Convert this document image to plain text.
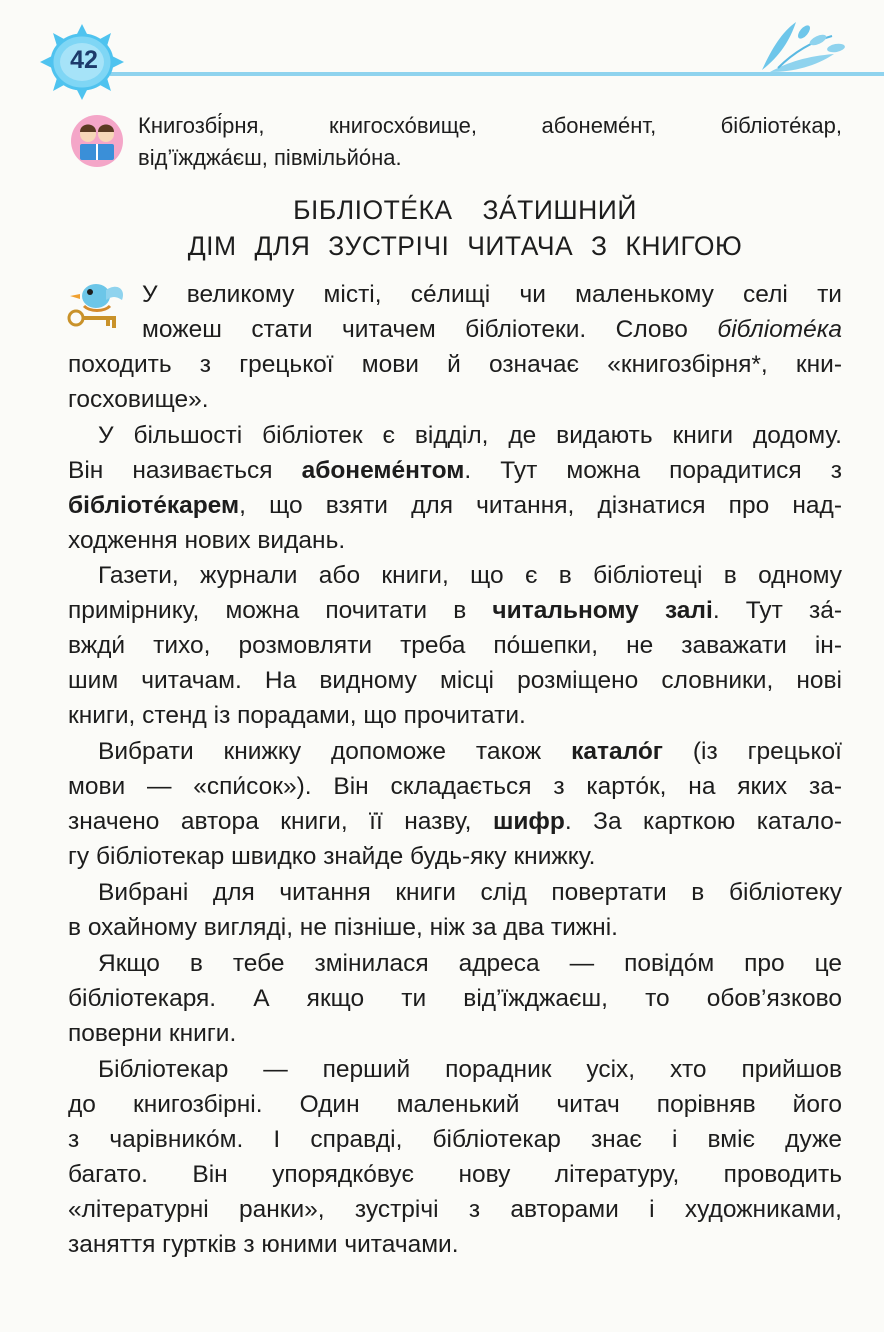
42
Книгозбі́рня, книгосхо́вище, абонеме́нт, бібліоте́кар,
від’їжджа́єш, півмільйо́на.
БІБЛІОТЕ́КА ЗА́ТИШНИЙ
ДІМ ДЛЯ ЗУСТРІЧІ ЧИТАЧА З КНИГОЮ
У великому місті, се́лищі чи маленькому селі ти
можеш стати читачем бібліотеки. Слово бібліоте́ка
походить з грецької мови й означає «книгозбірня*, кни-
госховище».
У більшості бібліотек є відділ, де видають книги додому.
Він називається абонеме́нтом. Тут можна порадитися з
бібліоте́карем, що взяти для читання, дізнатися про над-
ходження нових видань.
Газети, журнали або книги, що є в бібліотеці в одному
примірнику, можна почитати в читальному залі. Тут за́-
вжди́ тихо, розмовляти треба по́шепки, не заважати ін-
шим читачам. На видному місці розміщено словники, нові
книги, стенд із порадами, що прочитати.
Вибрати книжку допоможе також катало́г (із грецької
мови — «спи́сок»). Він складається з карто́к, на яких за-
значено автора книги, її назву, шифр. За карткою катало-
гу бібліотекар швидко знайде будь-яку книжку.
Вибрані для читання книги слід повертати в бібліотеку
в охайному вигляді, не пізніше, ніж за два тижні.
Якщо в тебе змінилася адреса — повідо́м про це
бібліотекаря. А якщо ти від’їжджаєш, то обов’язково
поверни книги.
Бібліотекар — перший порадник усіх, хто прийшов
до книгозбірні. Один маленький читач порівняв його
з чарівнико́м. І справді, бібліотекар знає і вміє дуже
багато. Він упорядко́вує нову літературу, проводить
«літературні ранки», зустрічі з авторами і художниками,
заняття гуртків з юними читачами.
